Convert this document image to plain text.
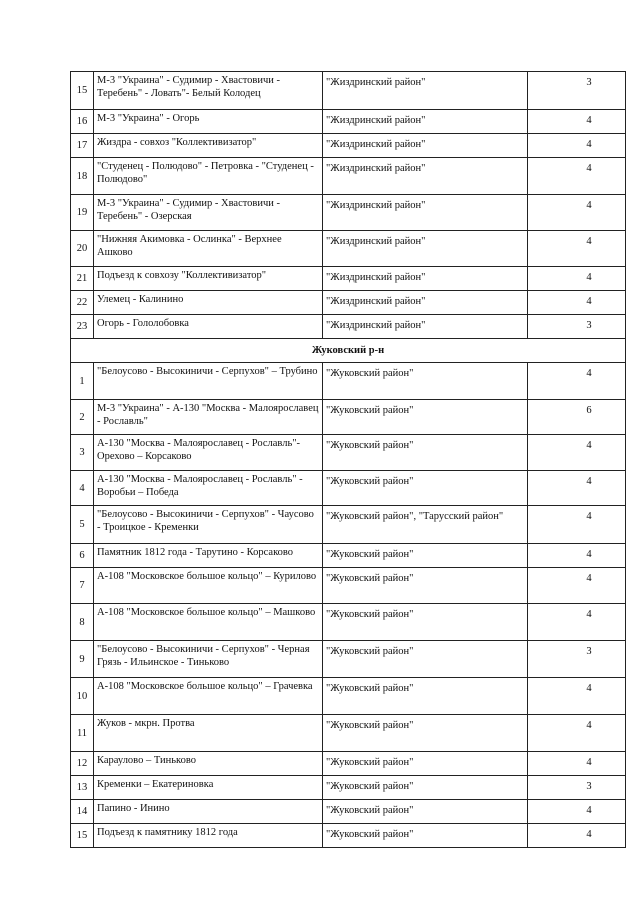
15	М-3 "Украина" - Судимир - Хвастовичи - Теребень" - Ловать"- Белый Колодец	"Жиздринский район"	3
16	М-3 "Украина" - Огорь	"Жиздринский район"	4
17	Жиздра - совхоз "Коллективизатор"	"Жиздринский район"	4
18	"Студенец - Полюдово" - Петровка - "Студенец - Полюдово"	"Жиздринский район"	4
19	М-3 "Украина" - Судимир - Хвастовичи - Теребень" - Озерская	"Жиздринский район"	4
20	"Нижняя Акимовка - Ослинка" - Верхнее Ашково	"Жиздринский район"	4
21	Подъезд к совхозу "Коллективизатор"	"Жиздринский район"	4
22	Улемец - Калинино	"Жиздринский район"	4
23	Огорь - Гололобовка	"Жиздринский район"	3
Жуковский р-н			
1	"Белоусово - Высокиничи - Серпухов" – Трубино	"Жуковский район"	4
2	М-3 "Украина" - А-130 "Москва - Малоярославец - Рославль"	"Жуковский район"	6
3	А-130 "Москва - Малоярославец - Рославль"- Орехово – Корсаково	"Жуковский район"	4
4	А-130 "Москва - Малоярославец - Рославль" - Воробьи – Победа	"Жуковский район"	4
5	"Белоусово - Высокиничи - Серпухов" - Чаусово - Троицкое - Кременки	"Жуковский район", "Тарусский район"	4
6	Памятник 1812 года - Тарутино - Корсаково	"Жуковский район"	4
7	А-108 "Московское большое кольцо" – Курилово	"Жуковский район"	4
8	А-108 "Московское большое кольцо" – Машково	"Жуковский район"	4
9	"Белоусово - Высокиничи - Серпухов" - Черная Грязь - Ильинское - Тиньково	"Жуковский район"	3
10	А-108 "Московское большое кольцо" – Грачевка	"Жуковский район"	4
11	Жуков - мкрн. Протва	"Жуковский район"	4
12	Караулово – Тиньково	"Жуковский район"	4
13	Кременки – Екатериновка	"Жуковский район"	3
14	Папино - Инино	"Жуковский район"	4
15	Подъезд к памятнику 1812 года	"Жуковский район"	4
